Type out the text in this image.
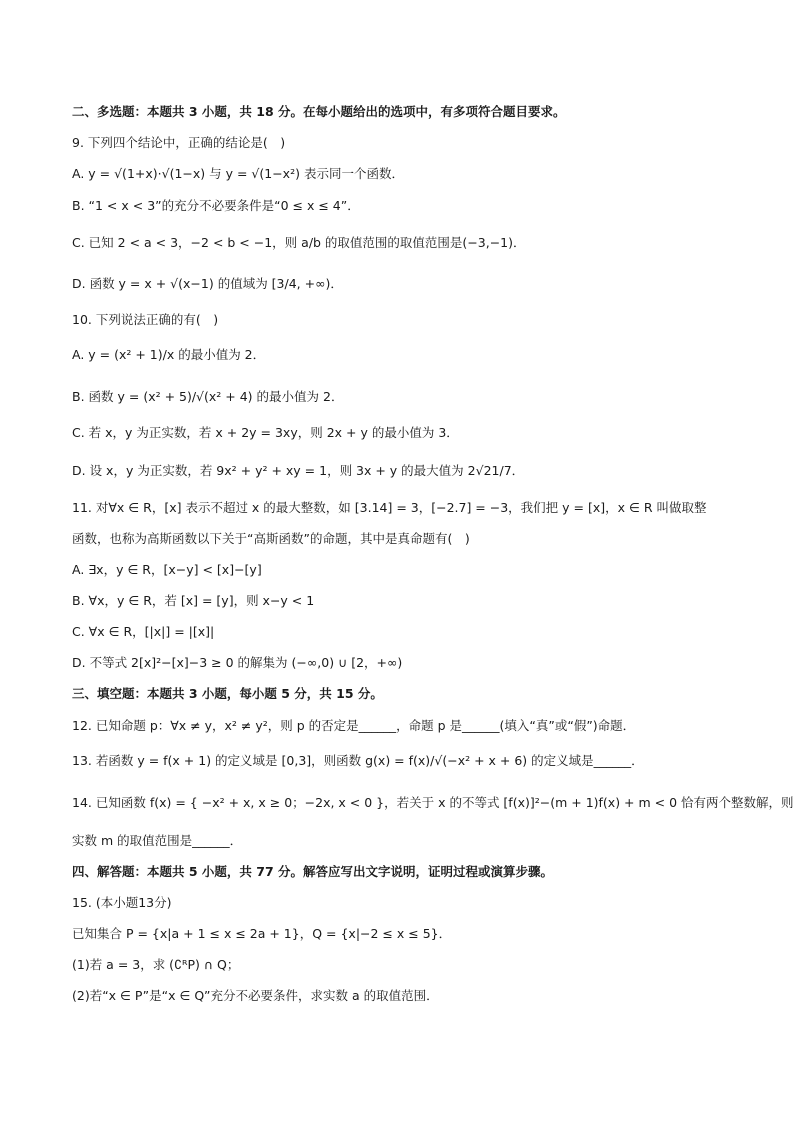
二、多选题：本题共 3 小题，共 18 分。在每小题给出的选项中，有多项符合题目要求。
9. 下列四个结论中，正确的结论是(　)
A. y = √(1+x)·√(1−x) 与 y = √(1−x²) 表示同一个函数．
B. “1 < x < 3”的充分不必要条件是“0 ≤ x ≤ 4”．
C. 已知 2 < a < 3，−2 < b < −1，则 a/b 的取值范围的取值范围是(−3,−1)．
D. 函数 y = x + √(x−1) 的值域为 [3/4, +∞)．
10. 下列说法正确的有(　)
A. y = (x² + 1)/x 的最小值为 2．
B. 函数 y = (x² + 5)/√(x² + 4) 的最小值为 2．
C. 若 x，y 为正实数，若 x + 2y = 3xy，则 2x + y 的最小值为 3．
D. 设 x，y 为正实数，若 9x² + y² + xy = 1，则 3x + y 的最大值为 2√21/7．
11. 对∀x ∈ R，[x] 表示不超过 x 的最大整数，如 [3.14] = 3，[−2.7] = −3，我们把 y = [x]，x ∈ R 叫做取整
函数，也称为高斯函数以下关于“高斯函数”的命题，其中是真命题有(　)
A. ∃x，y ∈ R，[x−y] < [x]−[y]
B. ∀x，y ∈ R，若 [x] = [y]，则 x−y < 1
C. ∀x ∈ R，[|x|] = |[x]|
D. 不等式 2[x]²−[x]−3 ≥ 0 的解集为 (−∞,0) ∪ [2，+∞)
三、填空题：本题共 3 小题，每小题 5 分，共 15 分。
12. 已知命题 p：∀x ≠ y，x² ≠ y²，则 p 的否定是______，命题 p 是______(填入“真”或“假”)命题．
13. 若函数 y = f(x + 1) 的定义域是 [0,3]，则函数 g(x) = f(x)/√(−x² + x + 6) 的定义域是______．
14. 已知函数 f(x) = { −x² + x, x ≥ 0；−2x, x < 0 }，若关于 x 的不等式 [f(x)]²−(m + 1)f(x) + m < 0 恰有两个整数解，则
实数 m 的取值范围是______．
四、解答题：本题共 5 小题，共 77 分。解答应写出文字说明，证明过程或演算步骤。
15. (本小题13分)
已知集合 P = {x|a + 1 ≤ x ≤ 2a + 1}，Q = {x|−2 ≤ x ≤ 5}．
(1)若 a = 3，求 (∁ᴿP) ∩ Q；
(2)若“x ∈ P”是“x ∈ Q”充分不必要条件，求实数 a 的取值范围．
